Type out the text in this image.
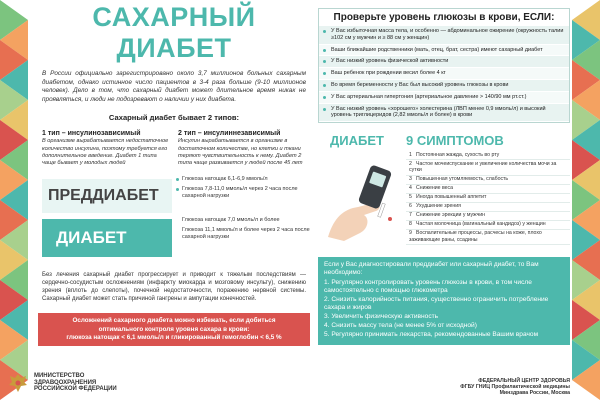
САХАРНЫЙ ДИАБЕТ

В России официально зарегистрировано около 3,7 миллионов больных сахарным диабетом, однако истинное число пациентов в 3-4 раза больше (9-10 миллионов человек). Дело в том, что сахарный диабет может длительное время никак не проявляться, и люди не подозревают о наличии у них диабета.

Сахарный диабет бывает 2 типов:
1 тип – инсулинозависимый
В организме вырабатывается недостаточное количество инсулина, поэтому требуется его дополнительное введение. Диабет 1 типа чаще бывает у молодых людей
2 тип – инсулиннезависимый
Инсулин вырабатывается в организме в достаточном количестве, но клетки и ткани теряют чувствительность к нему. Диабет 2 типа чаще развивается у людей после 45 лет
ПРЕДДИАБЕТ
Глюкоза натощак 6,1-6,9 ммоль/л
Глюкоза 7,8-11,0 ммоль/л через 2 часа после сахарной нагрузки
ДИАБЕТ
Глюкоза натощак 7,0 ммоль/л и более
Глюкоза 11,1 ммоль/л и более через 2 часа после сахарной нагрузки

Без лечения сахарный диабет прогрессирует и приводит к тяжелым последствиям — сердечно-сосудистым осложнениям (инфаркту миокарда и мозговому инсульту), снижению зрения (вплоть до слепоты), почечной недостаточности, поражению нервной системы. Сахарный диабет может стать причиной гангрены и ампутации конечностей.

Осложнений сахарного диабета можно избежать, если добиться
оптимального контроля уровня сахара в крови:
глюкоза натощак < 6,1 ммоль/л и гликированный гемоглобин < 6,5 %
МИНИСТЕРСТВО
ЗДРАВООХРАНЕНИЯ
РОССИЙСКОЙ ФЕДЕРАЦИИ
Проверьте уровень глюкозы в крови, ЕСЛИ:
У Вас избыточная масса тела, и особенно — абдоминальное ожирение (окружность талии ≥102 см у мужчин и ≥ 88 см у женщин)
Ваши ближайшие родственники (мать, отец, брат, сестра) имеют сахарный диабет
У Вас низкий уровень физической активности
Ваш ребенок при рождении весил более 4 кг
Во время беременности у Вас был высокий уровень глюкозы в крови
У Вас артериальная гипертония (артериальное давление > 140/90 мм рт.ст.)
У Вас низкий уровень «хорошего» холестерина (ЛВП менее 0,9 ммоль/л) и высокий уровень триглицеридов (2,82 ммоль/л и более) в крови
ДИАБЕТ 9 СИМПТОМОВ
1 Постоянная жажда, сухость во рту
2 Частое мочеиспускание и увеличение количества мочи за сутки
3 Повышенная утомляемость, слабость
4 Снижение веса
5 Иногда повышенный аппетит
6 Ухудшение зрения
7 Снижение эрекции у мужчин
8 Частая молочница (вагинальный кандидоз) у женщин
9 Воспалительные процессы, расчесы на коже, плохо заживающие раны, ссадины
Если у Вас диагностировали преддиабет или сахарный диабет, то Вам необходимо:
1. Регулярно контролировать уровень глюкозы в крови, в том числе самостоятельно с помощью глюкометра
2. Снизить калорийность питания, существенно ограничить потребление сахара и жиров
3. Увеличить физическую активность
4. Снизить массу тела (не менее 5% от исходной)
5. Регулярно принимать лекарства, рекомендованные Вашим врачом
ФЕДЕРАЛЬНЫЙ ЦЕНТР ЗДОРОВЬЯ
ФГБУ ГНИЦ Профилактической медицины
Минздрава России, Москва
